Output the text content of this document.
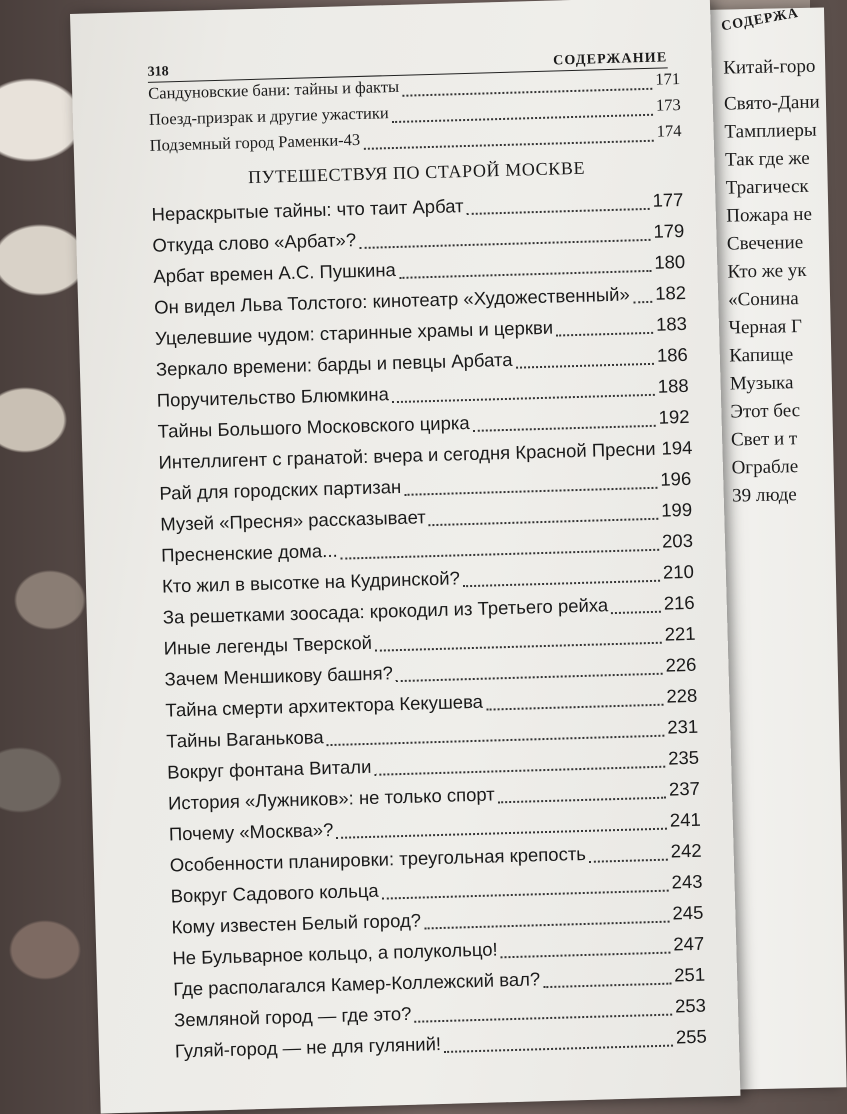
СОДЕРЖА
Китай-горо
Свято-Дани
Тамплиеры
Так где же
Трагическ
Пожара не
Свечение
Кто же ук
«Сонина
Черная Г
Капище
Музыка
Этот бес
Свет и т
Ограбле
39 люде
318
СОДЕРЖАНИЕ
Сандуновские бани: тайны и факты	171
Поезд-призрак и другие ужастики	173
Подземный город Раменки-43	174
ПУТЕШЕСТВУЯ ПО СТАРОЙ МОСКВЕ
Нераскрытые тайны: что таит Арбат	177
Откуда слово «Арбат»?	179
Арбат времен А.С. Пушкина	180
Он видел Льва Толстого: кинотеатр «Художественный» 182
Уцелевшие чудом: старинные храмы и церкви	183
Зеркало времени: барды и певцы Арбата	186
Поручительство Блюмкина	188
Тайны Большого Московского цирка	192
Интеллигент с гранатой: вчера и сегодня Красной Пресни 194
Рай для городских партизан	196
Музей «Пресня» рассказывает	199
Пресненские дома...	203
Кто жил в высотке на Кудринской?	210
За решетками зоосада: крокодил из Третьего рейха	216
Иные легенды Тверской	221
Зачем Меншикову башня?	226
Тайна смерти архитектора Кекушева	228
Тайны Ваганькова	231
Вокруг фонтана Витали	235
История «Лужников»: не только спорт	237
Почему «Москва»?	241
Особенности планировки: треугольная крепость	242
Вокруг Садового кольца	243
Кому известен Белый город?	245
Не Бульварное кольцо, а полукольцо!	247
Где располагался Камер-Коллежский вал?	251
Земляной город — где это?	253
Гуляй-город — не для гуляний!	255
